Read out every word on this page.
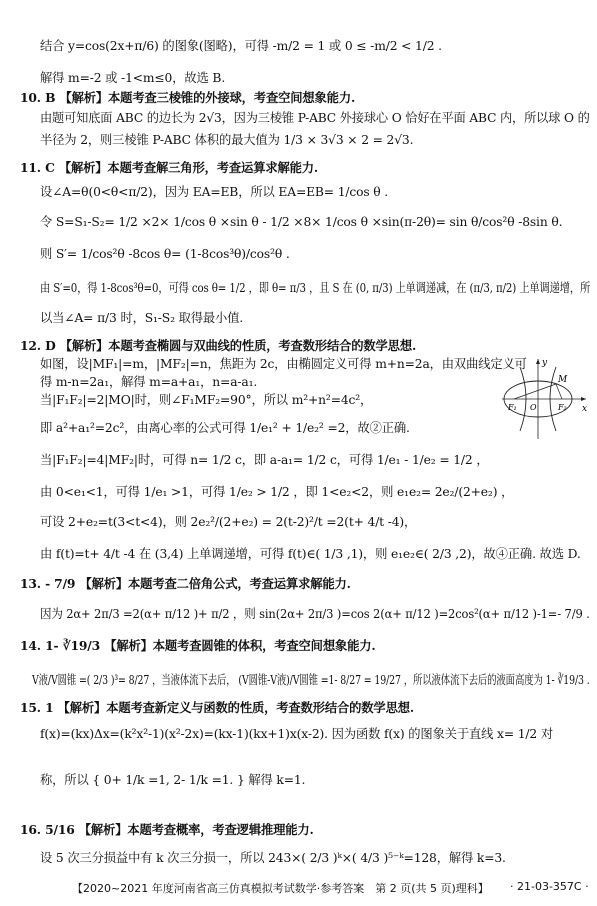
结合 y=cos(2x+π/6) 的图象(图略)，可得 -m/2 = 1 或 0 ≤ -m/2 < 1/2 .
解得 m=-2 或 -1<m≤0，故选 B.
10. B 【解析】本题考查三棱锥的外接球，考查空间想象能力.
由题可知底面 ABC 的边长为 2√3，因为三棱锥 P-ABC 外接球心 O 恰好在平面 ABC 内，所以球 O 的
半径为 2，则三棱锥 P-ABC 体积的最大值为 1/3 × 3√3 × 2 = 2√3.
11. C 【解析】本题考查解三角形，考查运算求解能力.
设∠A=θ(0<θ<π/2)，因为 EA=EB，所以 EA=EB= 1/cos θ .
令 S=S₁-S₂= 1/2 ×2× 1/cos θ ×sin θ - 1/2 ×8× 1/cos θ ×sin(π-2θ)= sin θ/cos²θ -8sin θ.
则 S′= 1/cos²θ -8cos θ= (1-8cos³θ)/cos²θ .
由 S′=0，得 1-8cos³θ=0，可得 cos θ= 1/2 ，即 θ= π/3 ，且 S 在 (0, π/3) 上单调递减，在 (π/3, π/2) 上单调递增，所
以当∠A= π/3 时，S₁-S₂ 取得最小值.
12. D 【解析】本题考查椭圆与双曲线的性质，考查数形结合的数学思想.
如图，设|MF₁|=m，|MF₂|=n，焦距为 2c，由椭圆定义可得 m+n=2a，由双曲线定义可
得 m-n=2a₁，解得 m=a+a₁，n=a-a₁.
当|F₁F₂|=2|MO|时，则∠F₁MF₂=90°，所以 m²+n²=4c²，
即 a²+a₁²=2c²，由离心率的公式可得 1/e₁² + 1/e₂² =2，故②正确.
当|F₁F₂|=4|MF₂|时，可得 n= 1/2 c，即 a-a₁= 1/2 c，可得 1/e₁ - 1/e₂ = 1/2 ，
由 0<e₁<1，可得 1/e₁ >1，可得 1/e₂ > 1/2 ，即 1<e₂<2，则 e₁e₂= 2e₂/(2+e₂) ，
可设 2+e₂=t(3<t<4)，则 2e₂²/(2+e₂) = 2(t-2)²/t =2(t+ 4/t -4)，
由 f(t)=t+ 4/t -4 在 (3,4) 上单调递增，可得 f(t)∈( 1/3 ,1)，则 e₁e₂∈( 2/3 ,2)，故④正确. 故选 D.
13. - 7/9 【解析】本题考查二倍角公式，考查运算求解能力.
因为 2α+ 2π/3 =2(α+ π/12 )+ π/2 ，则 sin(2α+ 2π/3 )=cos 2(α+ π/12 )=2cos²(α+ π/12 )-1=- 7/9 .
14. 1- ∛19/3 【解析】本题考查圆锥的体积，考查空间想象能力.
V液/V圆锥 =( 2/3 )³= 8/27 ，当液体流下去后， (V圆锥-V液)/V圆锥 =1- 8/27 = 19/27 ，所以液体流下去后的液面高度为 1- ∛19/3 .
15. 1 【解析】本题考查新定义与函数的性质，考查数形结合的数学思想.
f(x)=(kx)Δx=(k²x²-1)(x²-2x)=(kx-1)(kx+1)x(x-2). 因为函数 f(x) 的图象关于直线 x= 1/2 对
称，所以 { 0+ 1/k =1, 2- 1/k =1. } 解得 k=1.
16. 5/16 【解析】本题考查概率，考查逻辑推理能力.
设 5 次三分损益中有 k 次三分损一，所以 243×( 2/3 )ᵏ×( 4/3 )⁵⁻ᵏ=128，解得 k=3.
y
x
M
F₁ O	F₂
【2020~2021 年度河南省高三仿真模拟考试数学·参考答案　第 2 页(共 5 页)理科】 · 21-03-357C ·
